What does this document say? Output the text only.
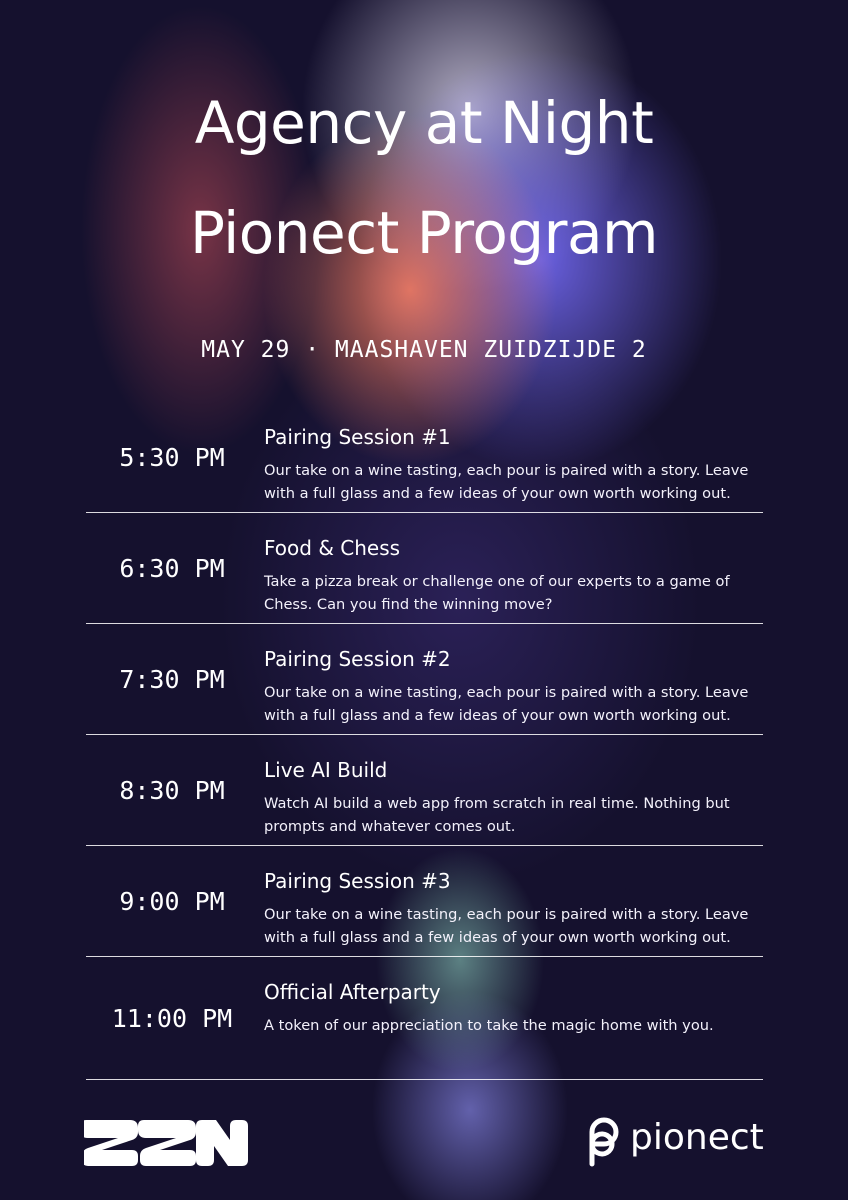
Agency at Night
Pionect Program
MAY 29 · MAASHAVEN ZUIDZIJDE 2
5:30 PM
Pairing Session #1
Our take on a wine tasting, each pour is paired with a story. Leave with a full glass and a few ideas of your own worth working out.
6:30 PM
Food & Chess
Take a pizza break or challenge one of our experts to a game of Chess. Can you find the winning move?
7:30 PM
Pairing Session #2
Our take on a wine tasting, each pour is paired with a story. Leave with a full glass and a few ideas of your own worth working out.
8:30 PM
Live AI Build
Watch AI build a web app from scratch in real time. Nothing but prompts and whatever comes out.
9:00 PM
Pairing Session #3
Our take on a wine tasting, each pour is paired with a story. Leave with a full glass and a few ideas of your own worth working out.
11:00 PM
Official Afterparty
A token of our appreciation to take the magic home with you.
pionect
